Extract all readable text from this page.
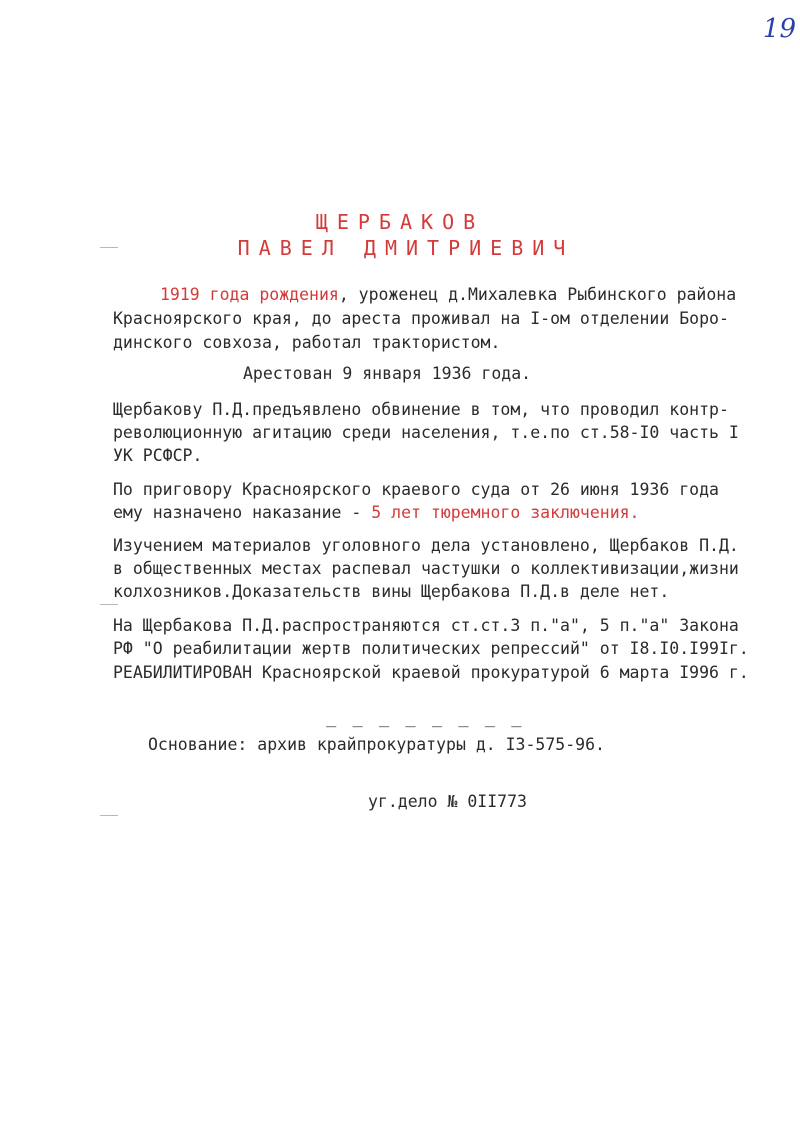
19
ЩЕРБАКОВ
ПАВЕЛ ДМИТРИЕВИЧ
1919 года рождения, уроженец д.Михалевка Рыбинского района
Красноярского края, до ареста проживал на I-ом отделении Боро-
динского совхоза, работал трактористом.
Арестован 9 января 1936 года.
Щербакову П.Д.предъявлено обвинение в том, что проводил контр-
революционную агитацию среди населения, т.е.по ст.58-I0 часть I
УК РСФСР.
По приговору Красноярского краевого суда от 26 июня 1936 года
ему назначено наказание - 5 лет тюремного заключения.
Изучением материалов уголовного дела установлено, Щербаков П.Д.
в общественных местах распевал частушки о коллективизации,жизни
колхозников.Доказательств вины Щербакова П.Д.в деле нет.
На Щербакова П.Д.распространяются ст.ст.3 п."а", 5 п."а" Закона
РФ "О реабилитации жертв политических репрессий" от I8.I0.I99Iг.
РЕАБИЛИТИРОВАН Красноярской краевой прокуратурой 6 марта I996 г.
_ _ _ _ _ _ _ _
Основание: архив крайпрокуратуры д. I3-575-96.
уг.дело № 0II773
